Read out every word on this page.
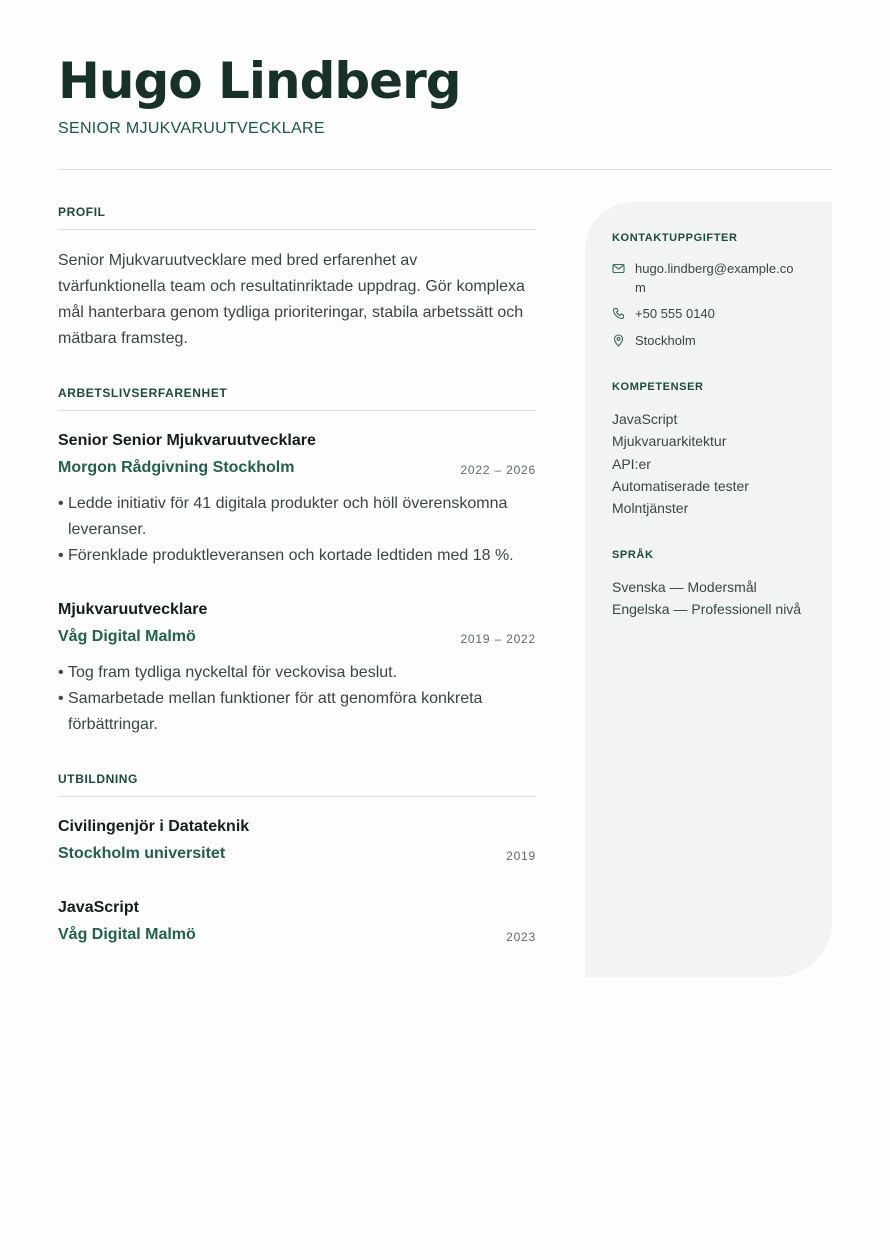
Hugo Lindberg
SENIOR MJUKVARUUTVECKLARE
PROFIL
Senior Mjukvaruutvecklare med bred erfarenhet av tvärfunktionella team och resultatinriktade uppdrag. Gör komplexa mål hanterbara genom tydliga prioriteringar, stabila arbetssätt och mätbara framsteg.
ARBETSLIVSERFARENHET
Senior Senior Mjukvaruutvecklare
Morgon Rådgivning Stockholm	2022 – 2026
• Ledde initiativ för 41 digitala produkter och höll överenskomna leveranser.
• Förenklade produktleveransen och kortade ledtiden med 18 %.
Mjukvaruutvecklare
Våg Digital Malmö	2019 – 2022
• Tog fram tydliga nyckeltal för veckovisa beslut.
• Samarbetade mellan funktioner för att genomföra konkreta förbättringar.
UTBILDNING
Civilingenjör i Datateknik
Stockholm universitet	2019
JavaScript
Våg Digital Malmö	2023
KONTAKTUPPGIFTER
hugo.lindberg@example.com
+50 555 0140
Stockholm
KOMPETENSER
JavaScript
Mjukvaruarkitektur
API:er
Automatiserade tester
Molntjänster
SPRÅK
Svenska — Modersmål
Engelska — Professionell nivå
